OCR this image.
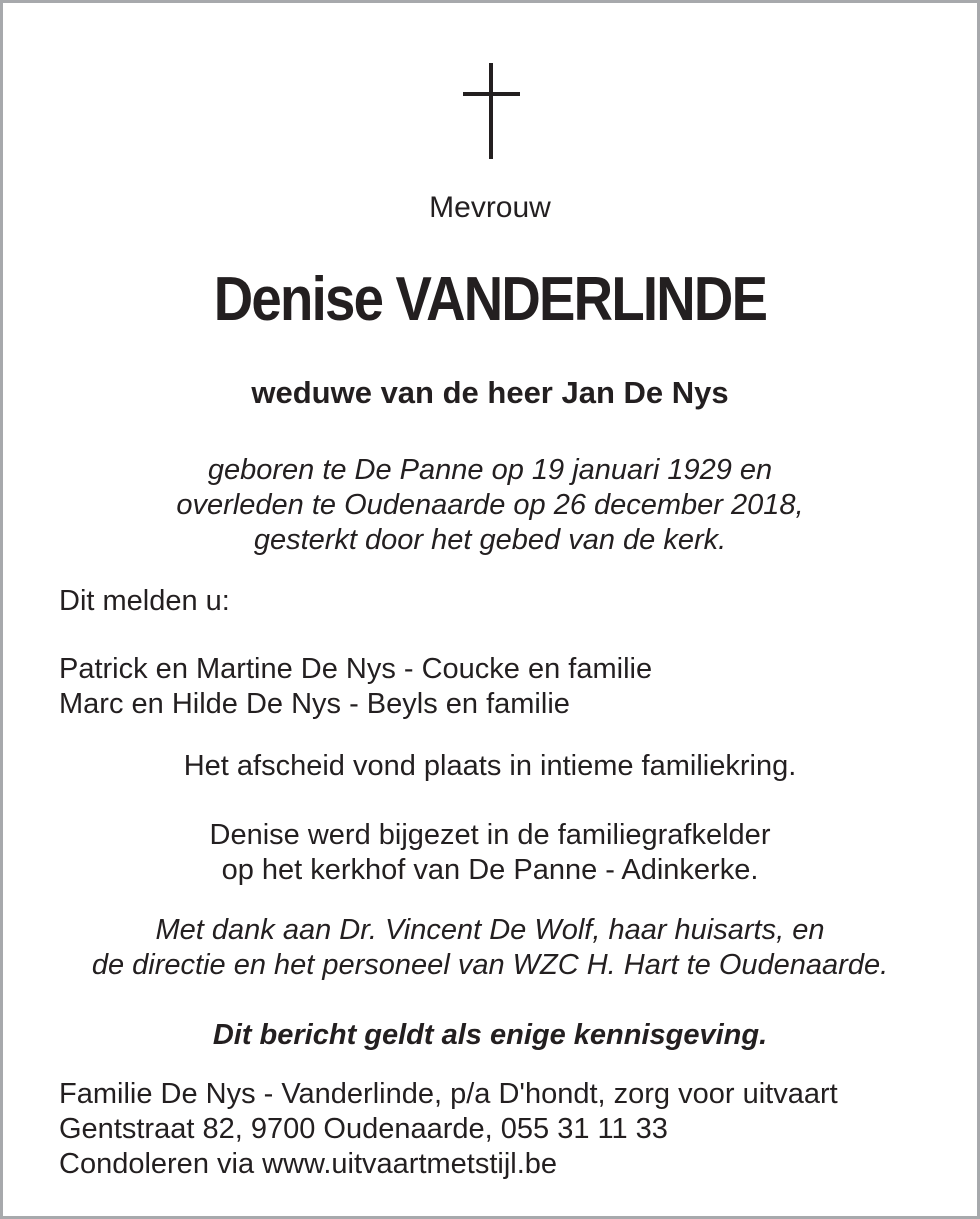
Mevrouw
Denise VANDERLINDE
weduwe van de heer Jan De Nys
geboren te De Panne op 19 januari 1929 en
overleden te Oudenaarde op 26 december 2018,
gesterkt door het gebed van de kerk.
Dit melden u:
Patrick en Martine De Nys - Coucke en familie
Marc en Hilde De Nys - Beyls en familie
Het afscheid vond plaats in intieme familiekring.
Denise werd bijgezet in de familiegrafkelder
op het kerkhof van De Panne - Adinkerke.
Met dank aan Dr. Vincent De Wolf, haar huisarts, en
de directie en het personeel van WZC H. Hart te Oudenaarde.
Dit bericht geldt als enige kennisgeving.
Familie De Nys - Vanderlinde, p/a D'hondt, zorg voor uitvaart
Gentstraat 82, 9700 Oudenaarde, 055 31 11 33
Condoleren via www.uitvaartmetstijl.be
